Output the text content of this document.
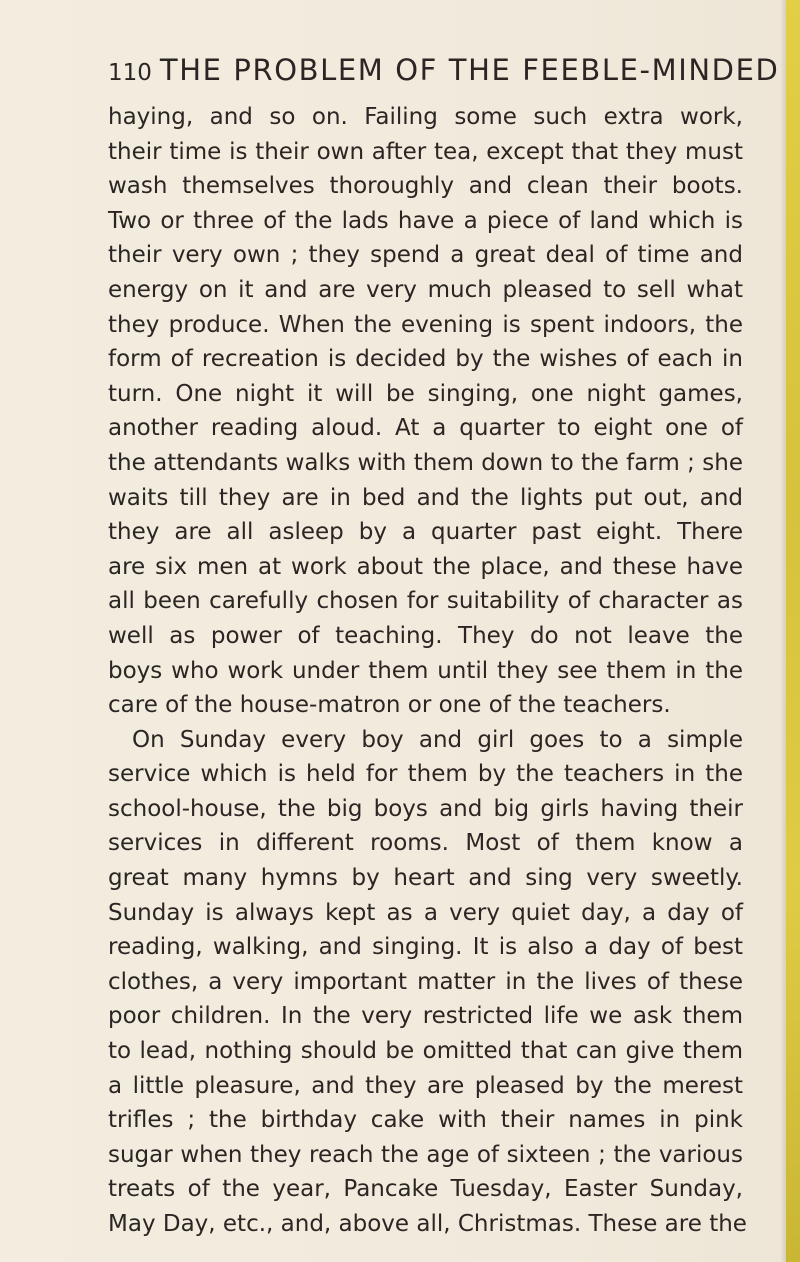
110 THE PROBLEM OF THE FEEBLE-MINDED
haying, and so on. Failing some such extra work,
their time is their own after tea, except that they must
wash themselves thoroughly and clean their boots.
Two or three of the lads have a piece of land which is
their very own ; they spend a great deal of time and
energy on it and are very much pleased to sell what
they produce. When the evening is spent indoors, the
form of recreation is decided by the wishes of each in
turn. One night it will be singing, one night games,
another reading aloud. At a quarter to eight one of
the attendants walks with them down to the farm ; she
waits till they are in bed and the lights put out, and
they are all asleep by a quarter past eight. There
are six men at work about the place, and these have
all been carefully chosen for suitability of character as
well as power of teaching. They do not leave the
boys who work under them until they see them in the
care of the house-matron or one of the teachers.
On Sunday every boy and girl goes to a simple
service which is held for them by the teachers in the
school-house, the big boys and big girls having their
services in different rooms. Most of them know a
great many hymns by heart and sing very sweetly.
Sunday is always kept as a very quiet day, a day of
reading, walking, and singing. It is also a day of best
clothes, a very important matter in the lives of these
poor children. In the very restricted life we ask them
to lead, nothing should be omitted that can give them
a little pleasure, and they are pleased by the merest
trifles ; the birthday cake with their names in pink
sugar when they reach the age of sixteen ; the various
treats of the year, Pancake Tuesday, Easter Sunday,
May Day, etc., and, above all, Christmas. These are the
